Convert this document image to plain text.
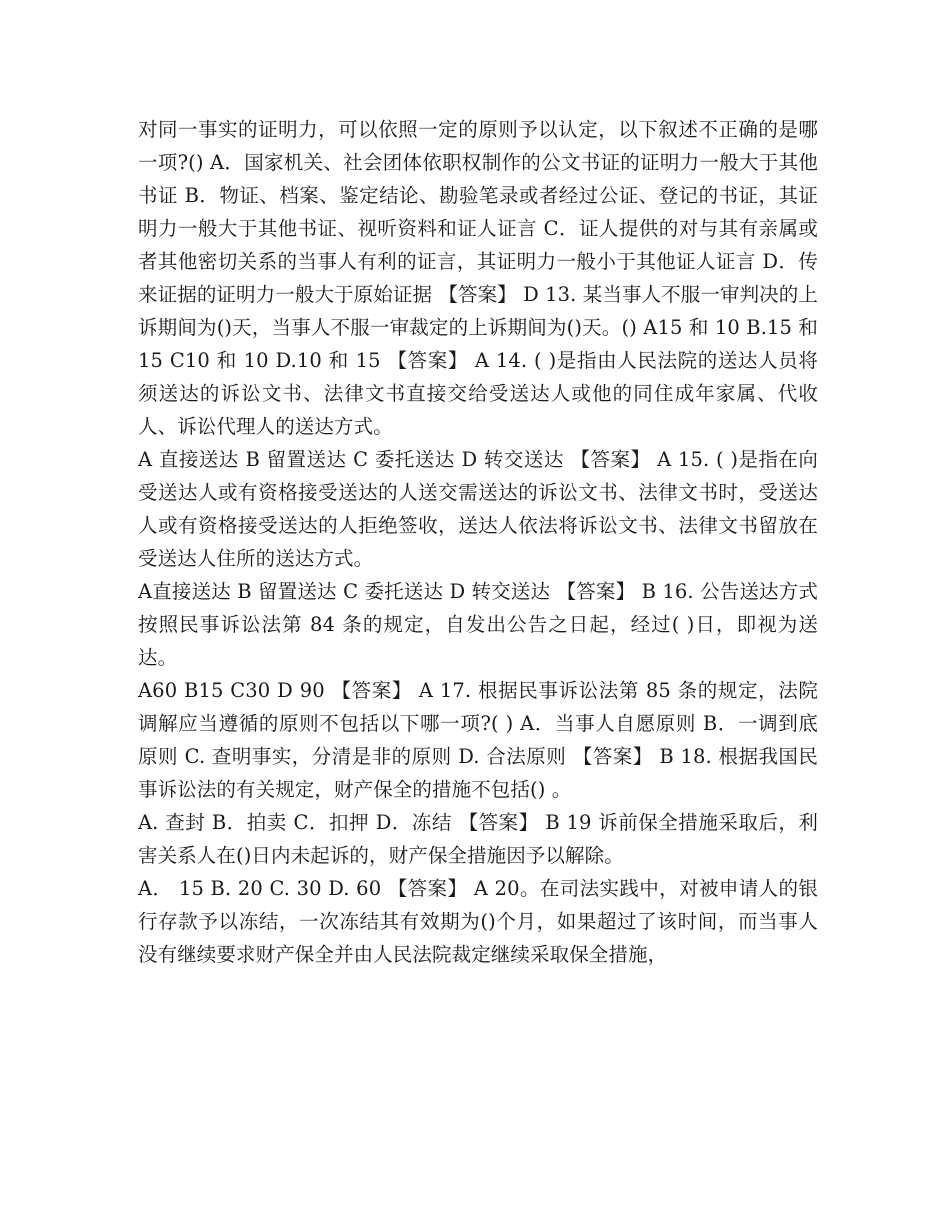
对同一事实的证明力，可以依照一定的原则予以认定，以下叙述不正确的是哪一项?() A．国家机关、社会团体依职权制作的公文书证的证明力一般大于其他书证 B．物证、档案、鉴定结论、勘验笔录或者经过公证、登记的书证，其证明力一般大于其他书证、视听资料和证人证言 C．证人提供的对与其有亲属或者其他密切关系的当事人有利的证言，其证明力一般小于其他证人证言 D．传来证据的证明力一般大于原始证据 【答案】 D 13. 某当事人不服一审判决的上诉期间为()天，当事人不服一审裁定的上诉期间为()天。() A15 和 10 B.15 和 15 C10 和 10 D.10 和 15 【答案】 A 14. ( )是指由人民法院的送达人员将须送达的诉讼文书、法律文书直接交给受送达人或他的同住成年家属、代收人、诉讼代理人的送达方式。

A 直接送达 B 留置送达 C 委托送达 D 转交送达 【答案】 A 15. ( )是指在向受送达人或有资格接受送达的人送交需送达的诉讼文书、法律文书时，受送达人或有资格接受送达的人拒绝签收，送达人依法将诉讼文书、法律文书留放在受送达人住所的送达方式。

A直接送达 B 留置送达 C 委托送达 D 转交送达 【答案】 B 16. 公告送达方式按照民事诉讼法第 84 条的规定，自发出公告之日起，经过( )日，即视为送达。

A60 B15 C30 D 90 【答案】 A 17. 根据民事诉讼法第 85 条的规定，法院调解应当遵循的原则不包括以下哪一项?( ) A．当事人自愿原则 B．一调到底原则 C. 查明事实，分清是非的原则 D. 合法原则 【答案】 B 18. 根据我国民事诉讼法的有关规定，财产保全的措施不包括() 。

A. 查封 B．拍卖 C．扣押 D．冻结 【答案】 B 19 诉前保全措施采取后，利害关系人在()日内未起诉的，财产保全措施因予以解除。

A． 15 B. 20 C. 30 D. 60 【答案】 A 20。在司法实践中，对被申请人的银行存款予以冻结，一次冻结其有效期为()个月，如果超过了该时间，而当事人没有继续要求财产保全并由人民法院裁定继续采取保全措施，
